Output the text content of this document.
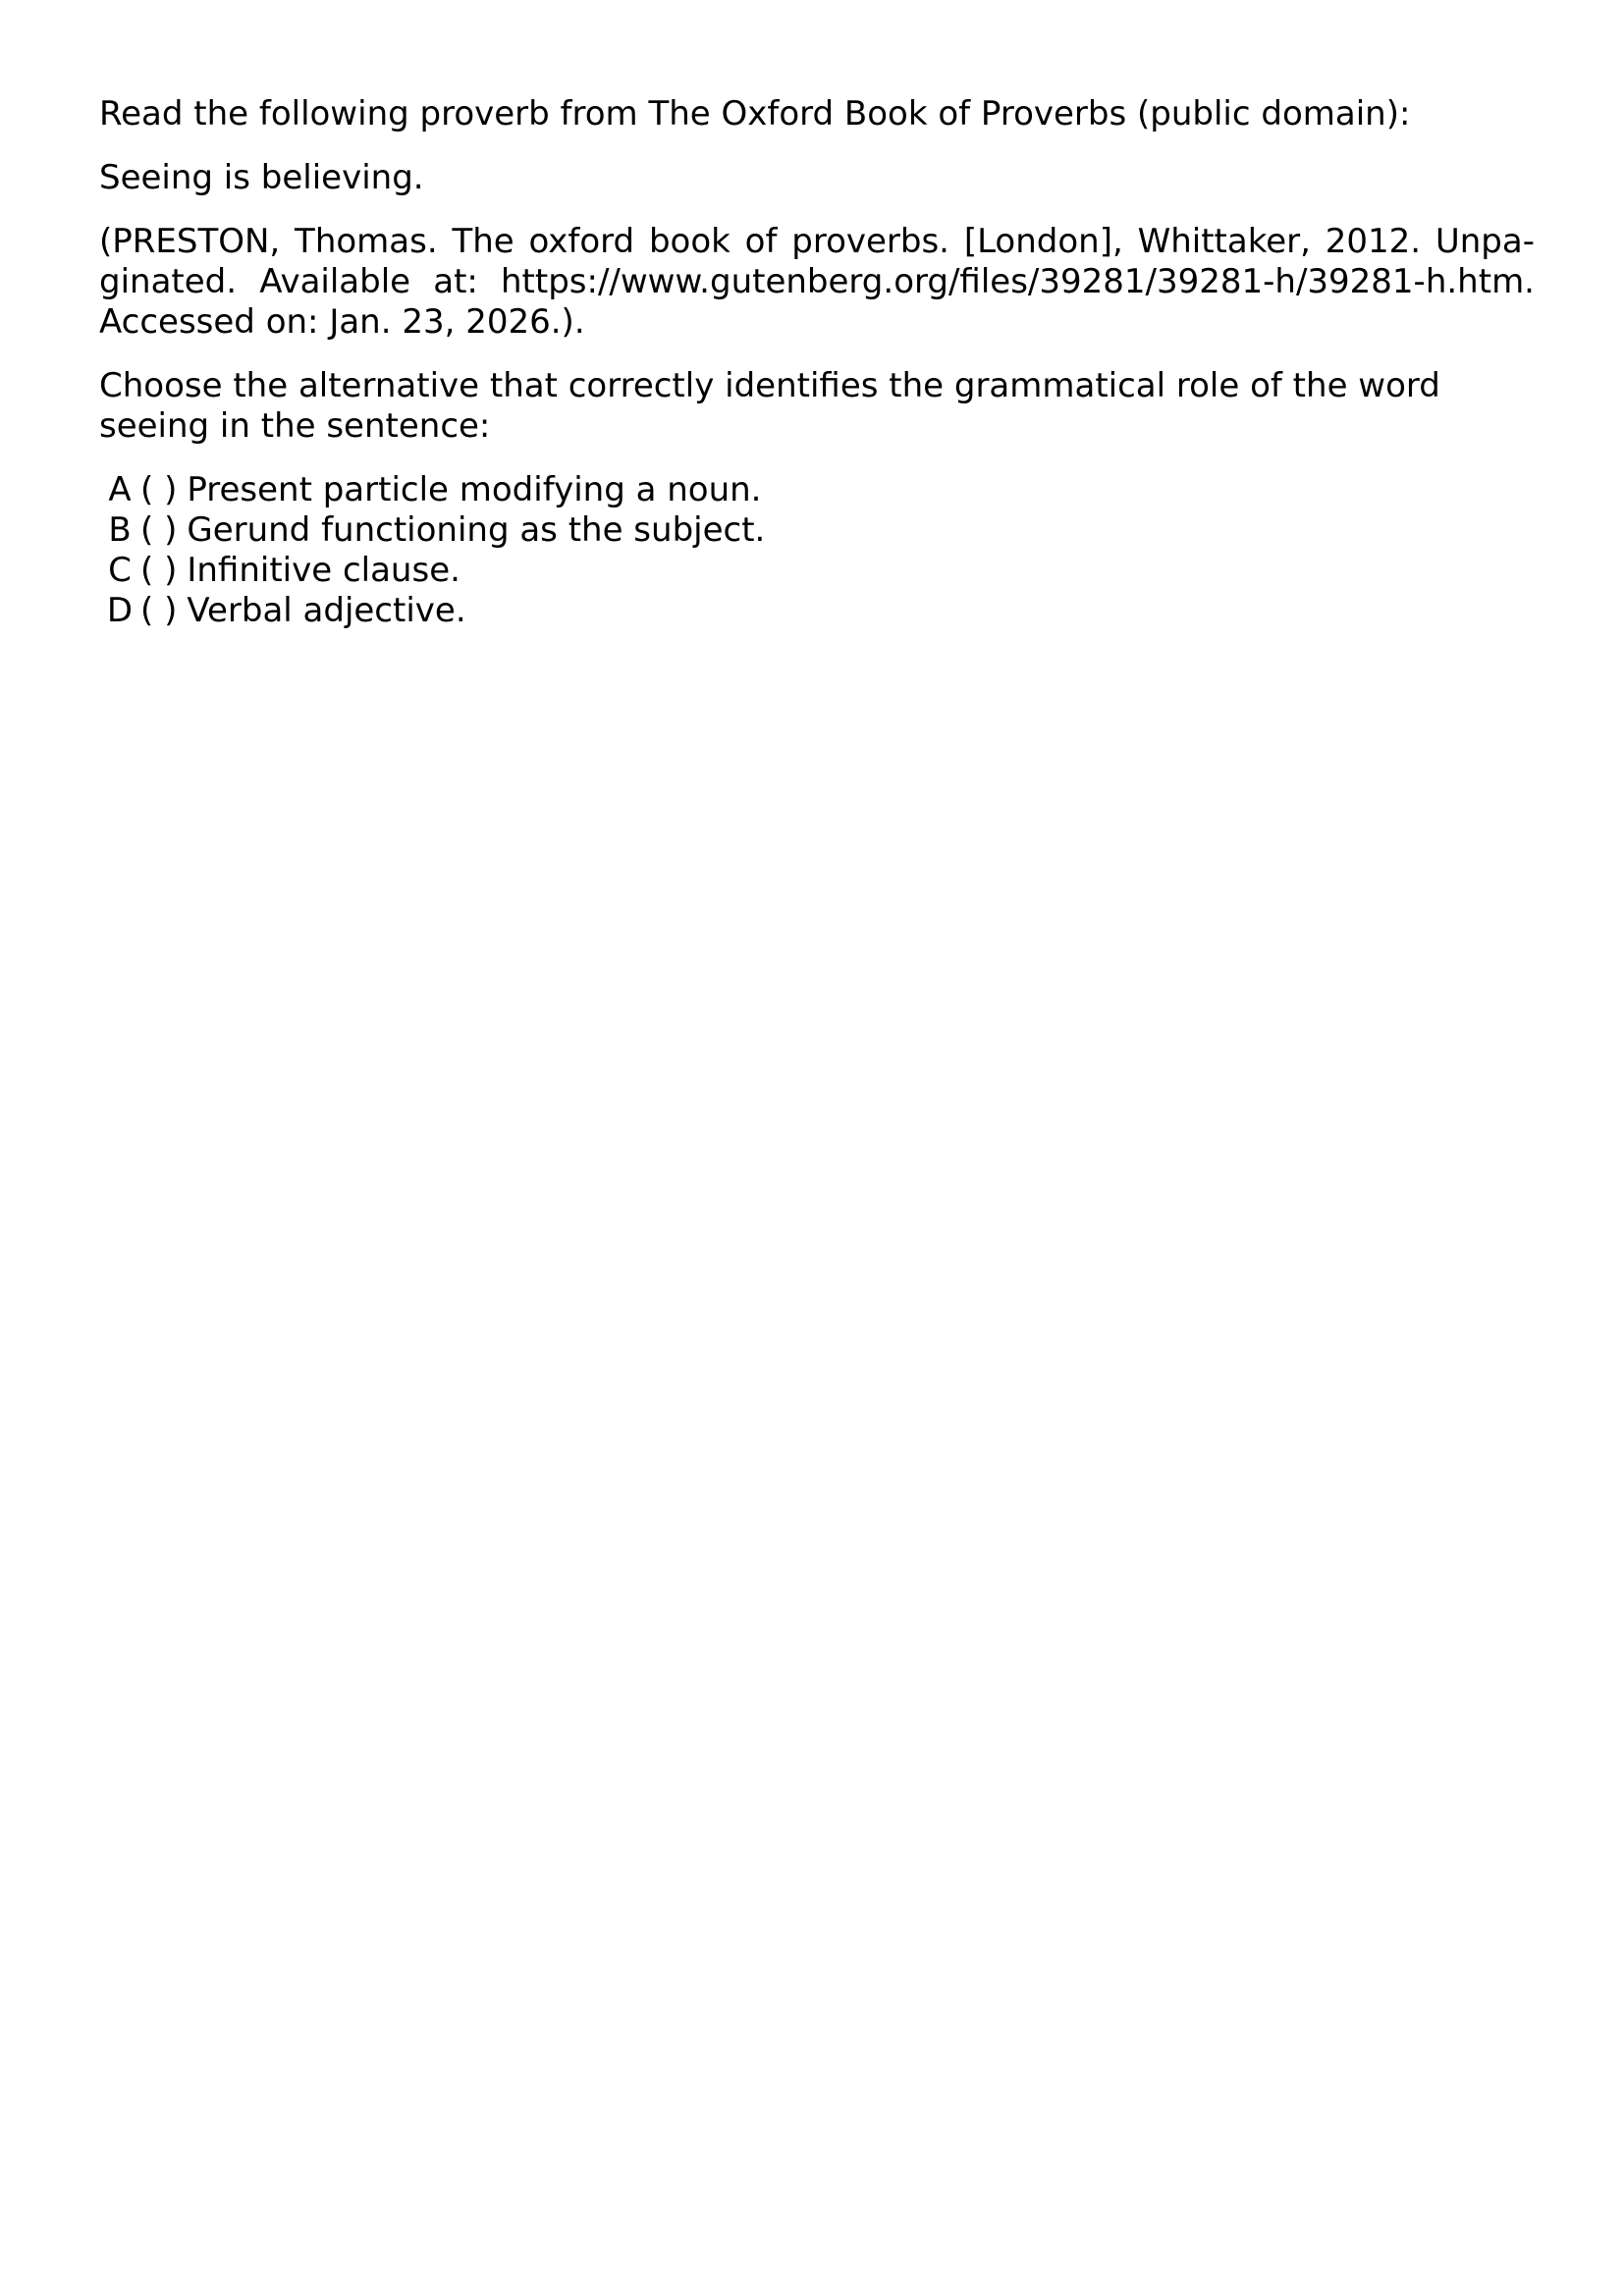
Read the following proverb from The Oxford Book of Proverbs (public domain):

Seeing is believing.

(PRESTON, Thomas. The oxford book of proverbs. [London], Whittaker, 2012. Unpa-
ginated. Available at: https://www.gutenberg.org/files/39281/39281-h/39281-h.htm.
Accessed on: Jan. 23, 2026.).

Choose the alternative that correctly identifies the grammatical role of the word seeing in the sentence:

A ( ) Present particle modifying a noun.
B ( ) Gerund functioning as the subject.
C ( ) Infinitive clause.
D ( ) Verbal adjective.
